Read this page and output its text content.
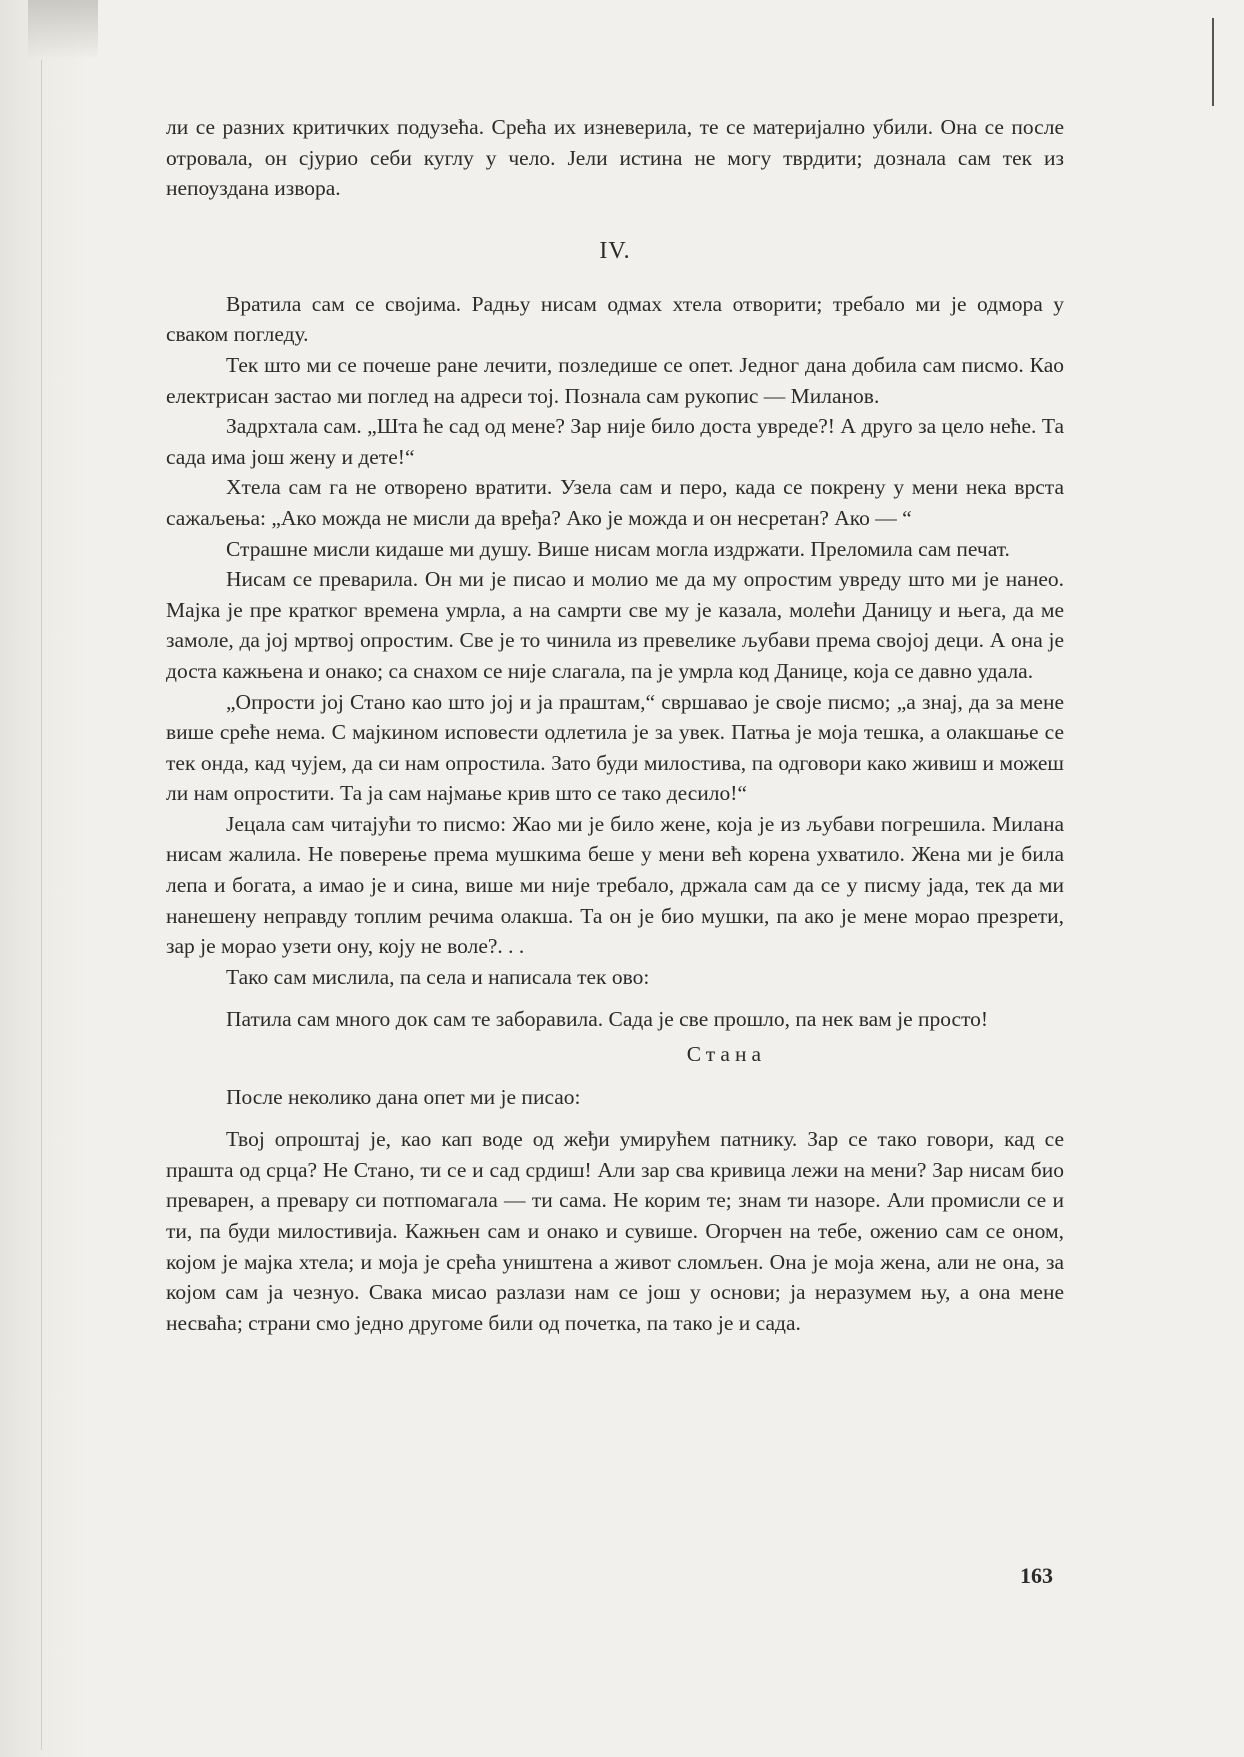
ли се разних критичких подузећа. Срећа их изневерила, те се материјално убили. Она се после отровала, он сјурио себи куглу у чело. Јели истина не могу тврдити; дознала сам тек из непоуздана извора.

IV.

Вратила сам се својима. Радњу нисам одмах хтела отворити; требало ми је одмора у сваком погледу.

Тек што ми се почеше ране лечити, позледише се опет. Једног дана добила сам писмо. Као електрисан застао ми поглед на адреси тој. Познала сам рукопис — Миланов.

Задрхтала сам. „Шта ће сад од мене? Зар није било доста увреде?! А друго за цело неће. Та сада има још жену и дете!“

Хтела сам га не отворено вратити. Узела сам и перо, када се покрену у мени нека врста сажаљења: „Ако можда не мисли да вређа? Ако је можда и он несретан? Ако — “

Страшне мисли кидаше ми душу. Више нисам могла издржати. Преломила сам печат.

Нисам се преварила. Он ми је писао и молио ме да му опростим увреду што ми је нанео. Мајка је пре кратког времена умрла, а на самрти све му је казала, молећи Даницу и њега, да ме замоле, да јој мртвој опростим. Све је то чинила из превелике љубави према својој деци. А она је доста кажњена и онако; са снахом се није слагала, па је умрла код Данице, која се давно удала.

„Опрости јој Стано као што јој и ја праштам,“ свршавао је своје писмо; „а знај, да за мене више среће нема. С мајкином исповести одлетила је за увек. Патња је моја тешка, а олакшање се тек онда, кад чујем, да си нам опростила. Зато буди милостива, па одговори како живиш и можеш ли нам опростити. Та ја сам најмање крив што се тако десило!“

Јецала сам читајући то писмо: Жао ми је било жене, која је из љубави погрешила. Милана нисам жалила. Не поверење према мушкима беше у мени већ корена ухватило. Жена ми је била лепа и богата, а имао је и сина, више ми није требало, држала сам да се у писму јада, тек да ми нанешену неправду топлим речима олакша. Та он је био мушки, па ако је мене морао презрети, зар је морао узети ону, коју не воле?. . .

Тако сам мислила, па села и написала тек ово:

Патила сам много док сам те заборавила. Сада је све прошло, па нек вам је просто!

Стана

После неколико дана опет ми је писао:

Твој опроштај је, као кап воде од жеђи умирућем патнику. Зар се тако говори, кад се прашта од срца? Не Стано, ти се и сад срдиш! Али зар сва кривица лежи на мени? Зар нисам био преварен, а превару си потпомагала — ти сама. Не корим те; знам ти назоре. Али промисли се и ти, па буди милостивија. Кажњен сам и онако и сувише. Огорчен на тебе, оженио сам се оном, којом је мајка хтела; и моја је срећа уништена а живот сломљен. Она је моја жена, али не она, за којом сам ја чезнуо. Свака мисао разлази нам се још у основи; ја неразумем њу, а она мене несваћа; страни смо једно другоме били од почетка, па тако је и сада.

163
